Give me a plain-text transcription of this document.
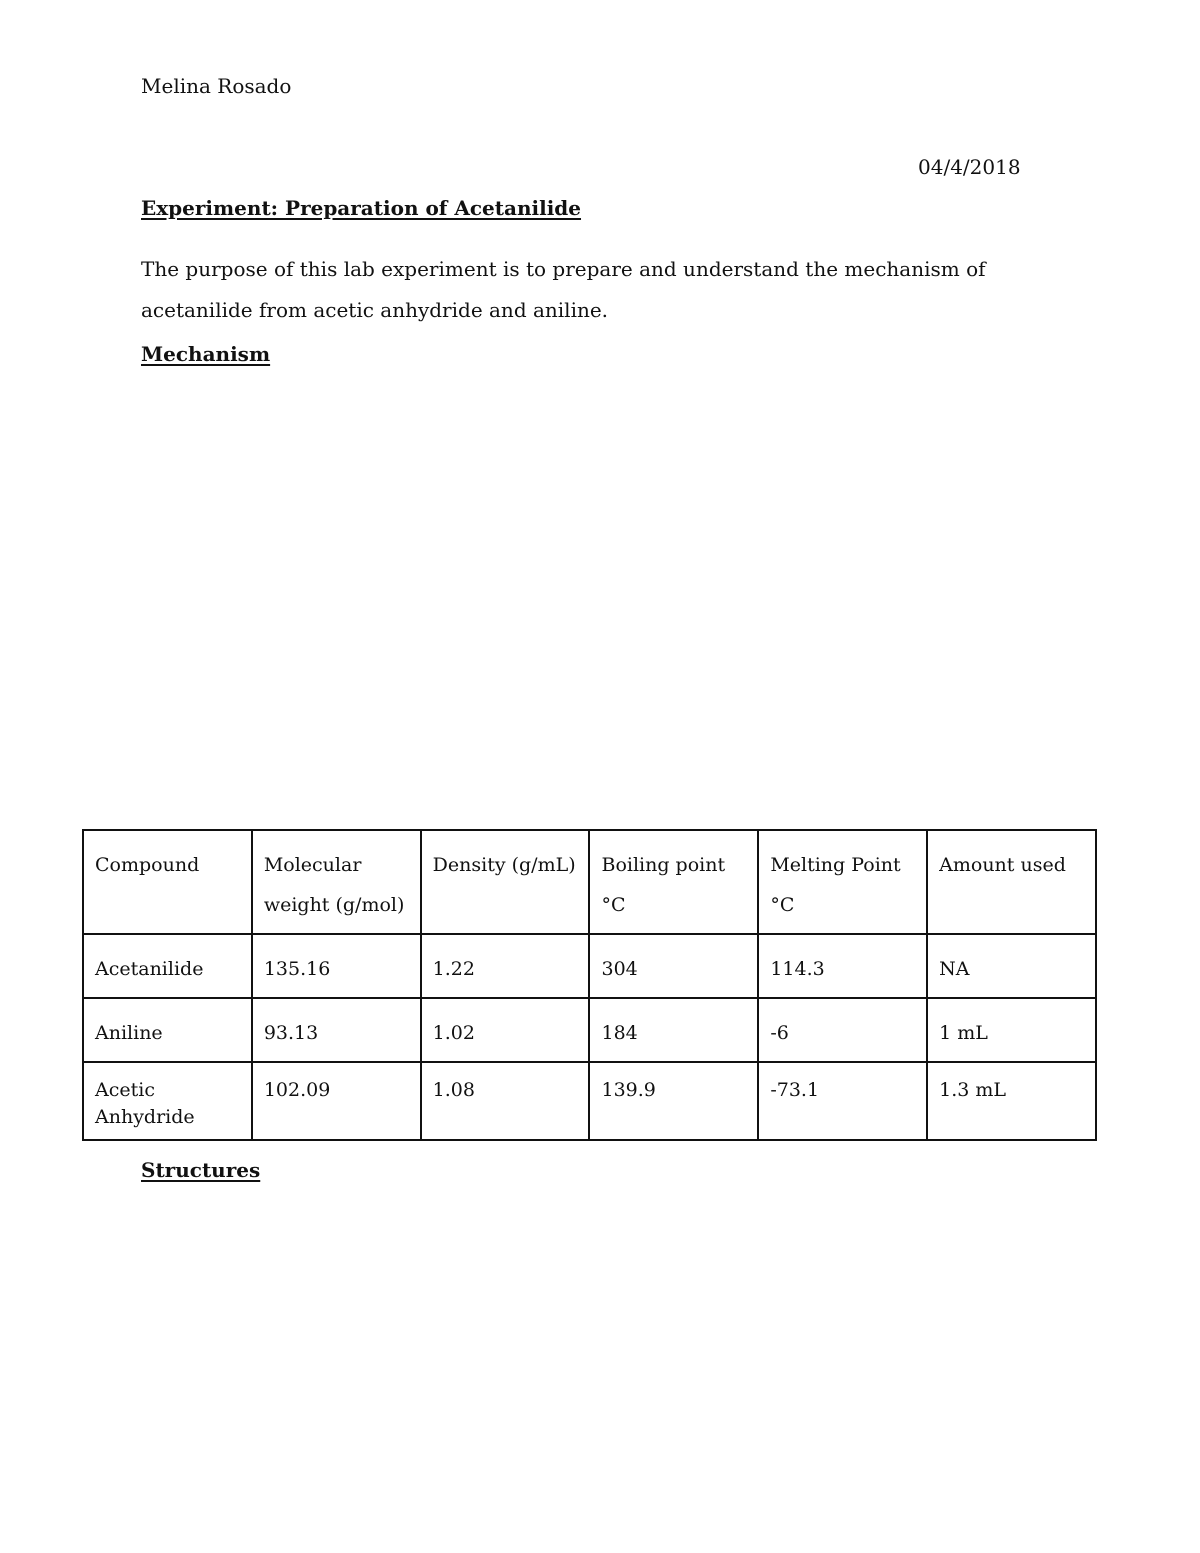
Melina Rosado
04/4/2018
Experiment: Preparation of Acetanilide
The purpose of this lab experiment is to prepare and understand the mechanism of acetanilide from acetic anhydride and aniline.
Mechanism
Compound	Molecular weight (g/mol)	Density (g/mL)	Boiling point °C	Melting Point °C	Amount used
Acetanilide	135.16	1.22	304	114.3	NA
Aniline	93.13	1.02	184	-6	1 mL
Acetic Anhydride	102.09	1.08	139.9	-73.1	1.3 mL
Structures
